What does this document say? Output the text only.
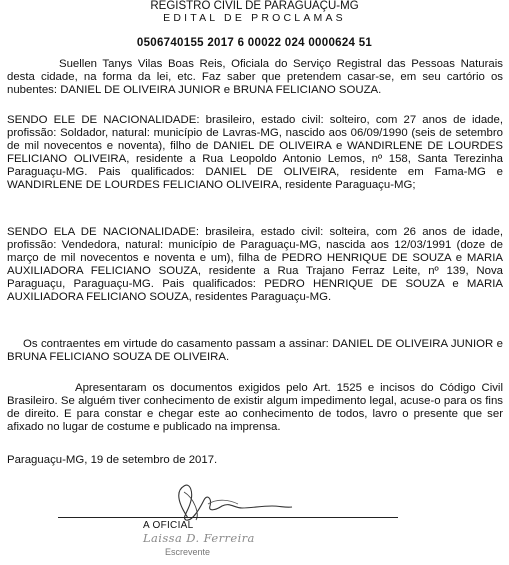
REGISTRO CIVIL DE PARAGUAÇU-MG
EDITAL DE PROCLAMAS
0506740155 2017 6 00022 024 0000624 51

Suellen Tanys Vilas Boas Reis, Oficiala do Serviço Registral das Pessoas Naturais desta cidade, na forma da lei, etc. Faz saber que pretendem casar-se, em seu cartório os nubentes: DANIEL DE OLIVEIRA JUNIOR e BRUNA FELICIANO SOUZA.

SENDO ELE DE NACIONALIDADE: brasileiro, estado civil: solteiro, com 27 anos de idade, profissão: Soldador, natural: município de Lavras-MG, nascido aos 06/09/1990 (seis de setembro de mil novecentos e noventa), filho de DANIEL DE OLIVEIRA e WANDIRLENE DE LOURDES FELICIANO OLIVEIRA, residente a Rua Leopoldo Antonio Lemos, nº 158, Santa Terezinha Paraguaçu-MG. Pais qualificados: DANIEL DE OLIVEIRA, residente em Fama-MG e WANDIRLENE DE LOURDES FELICIANO OLIVEIRA, residente Paraguaçu-MG;

SENDO ELA DE NACIONALIDADE: brasileira, estado civil: solteira, com 26 anos de idade, profissão: Vendedora, natural: município de Paraguaçu-MG, nascida aos 12/03/1991 (doze de março de mil novecentos e noventa e um), filha de PEDRO HENRIQUE DE SOUZA e MARIA AUXILIADORA FELICIANO SOUZA, residente a Rua Trajano Ferraz Leite, nº 139, Nova Paraguaçu, Paraguaçu-MG. Pais qualificados: PEDRO HENRIQUE DE SOUZA e MARIA AUXILIADORA FELICIANO SOUZA, residentes Paraguaçu-MG.

Os contraentes em virtude do casamento passam a assinar: DANIEL DE OLIVEIRA JUNIOR e BRUNA FELICIANO SOUZA DE OLIVEIRA.

Apresentaram os documentos exigidos pelo Art. 1525 e incisos do Código Civil Brasileiro. Se alguém tiver conhecimento de existir algum impedimento legal, acuse-o para os fins de direito. E para constar e chegar este ao conhecimento de todos, lavro o presente que ser afixado no lugar de costume e publicado na imprensa.

Paraguaçu-MG, 19 de setembro de 2017.
A OFICIAL
Laissa D. Ferreira
Escrevente
